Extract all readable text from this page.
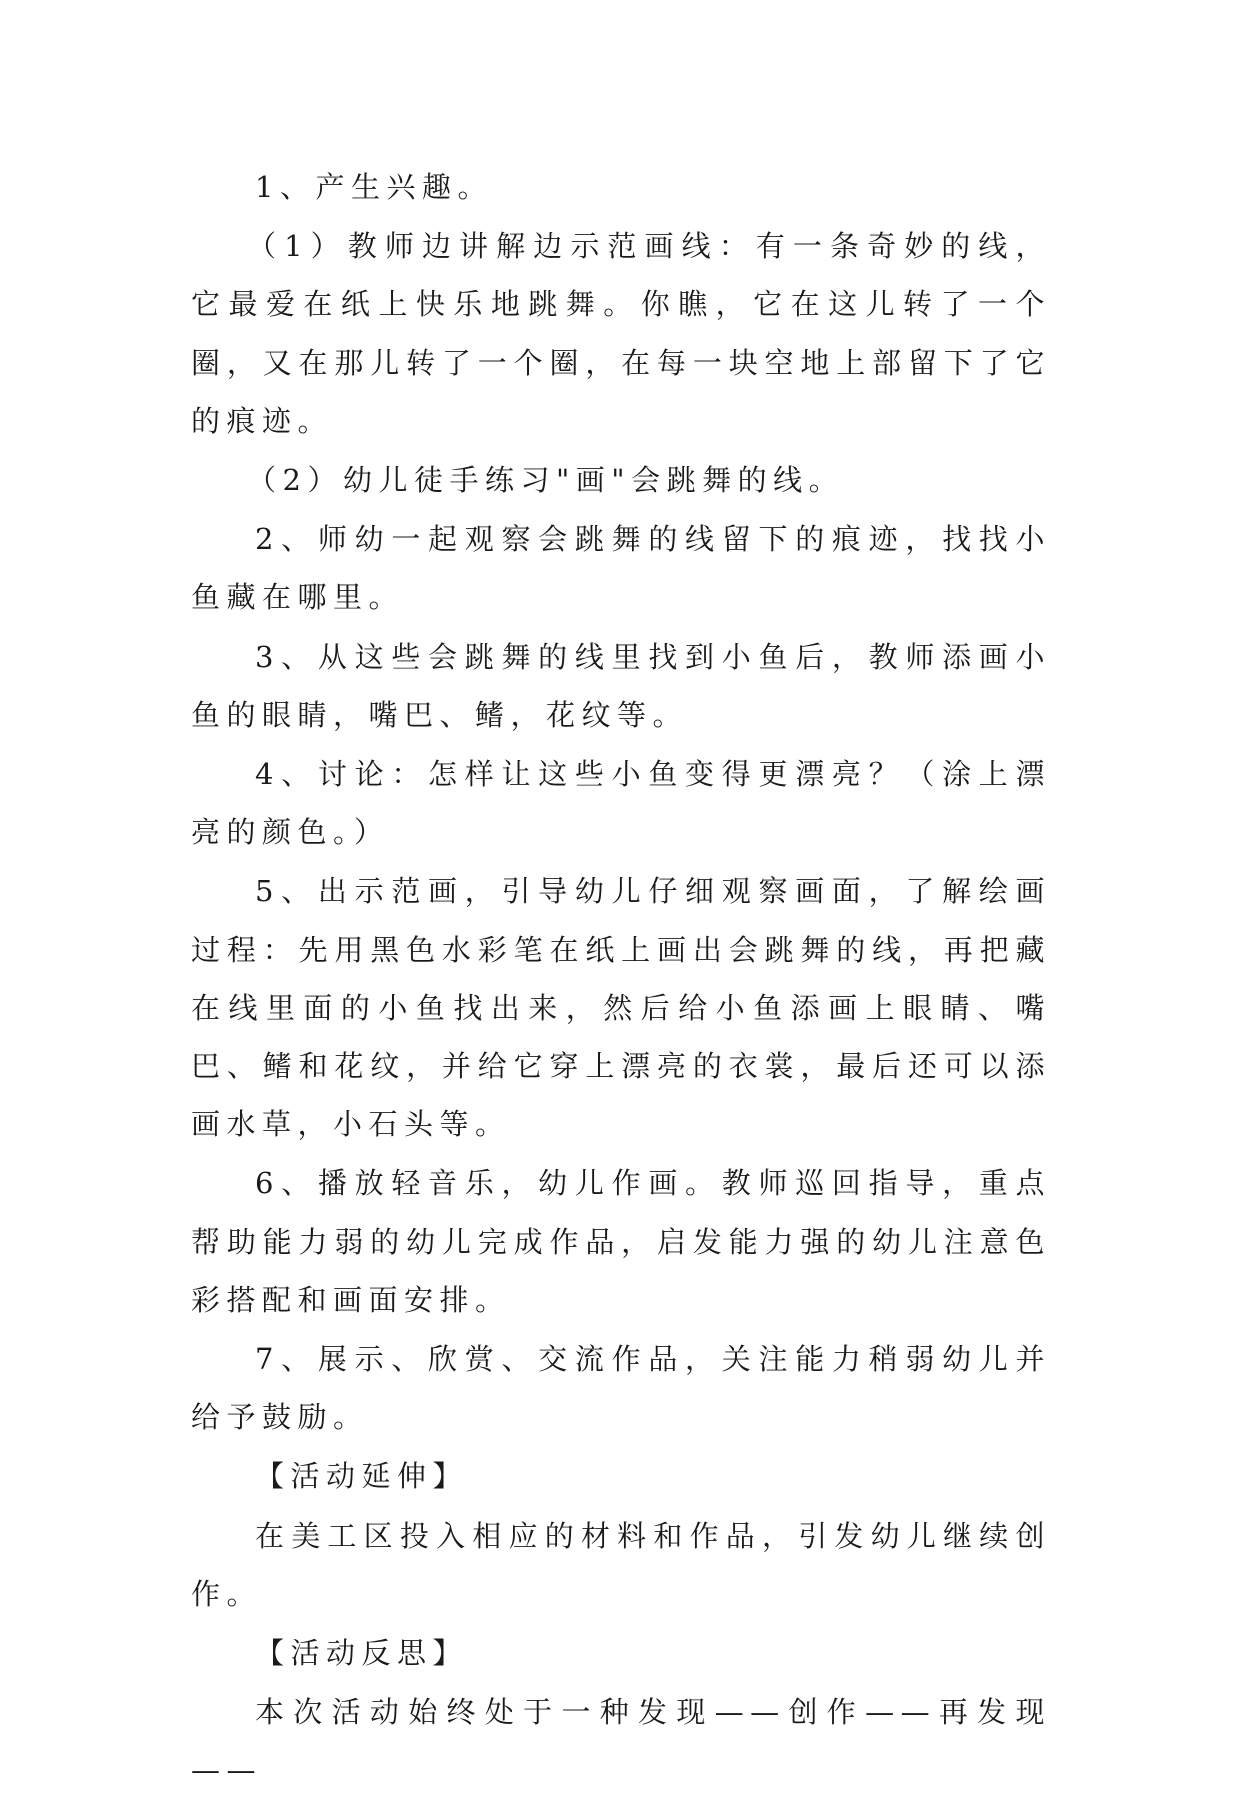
1、产生兴趣。

（1）教师边讲解边示范画线：有一条奇妙的线，它最爱在纸上快乐地跳舞。你瞧，它在这儿转了一个圈，又在那儿转了一个圈，在每一块空地上部留下了它的痕迹。

（2）幼儿徒手练习"画"会跳舞的线。

2、师幼一起观察会跳舞的线留下的痕迹，找找小鱼藏在哪里。

3、从这些会跳舞的线里找到小鱼后，教师添画小鱼的眼睛，嘴巴、鳍，花纹等。

4、讨论：怎样让这些小鱼变得更漂亮？（涂上漂亮的颜色。）

5、出示范画，引导幼儿仔细观察画面，了解绘画过程：先用黑色水彩笔在纸上画出会跳舞的线，再把藏在线里面的小鱼找出来，然后给小鱼添画上眼睛、嘴巴、鳍和花纹，并给它穿上漂亮的衣裳，最后还可以添画水草，小石头等。

6、播放轻音乐，幼儿作画。教师巡回指导，重点帮助能力弱的幼儿完成作品，启发能力强的幼儿注意色彩搭配和画面安排。

7、展示、欣赏、交流作品，关注能力稍弱幼儿并给予鼓励。

【活动延伸】

在美工区投入相应的材料和作品，引发幼儿继续创作。

【活动反思】

本次活动始终处于一种发现——创作——再发现——
